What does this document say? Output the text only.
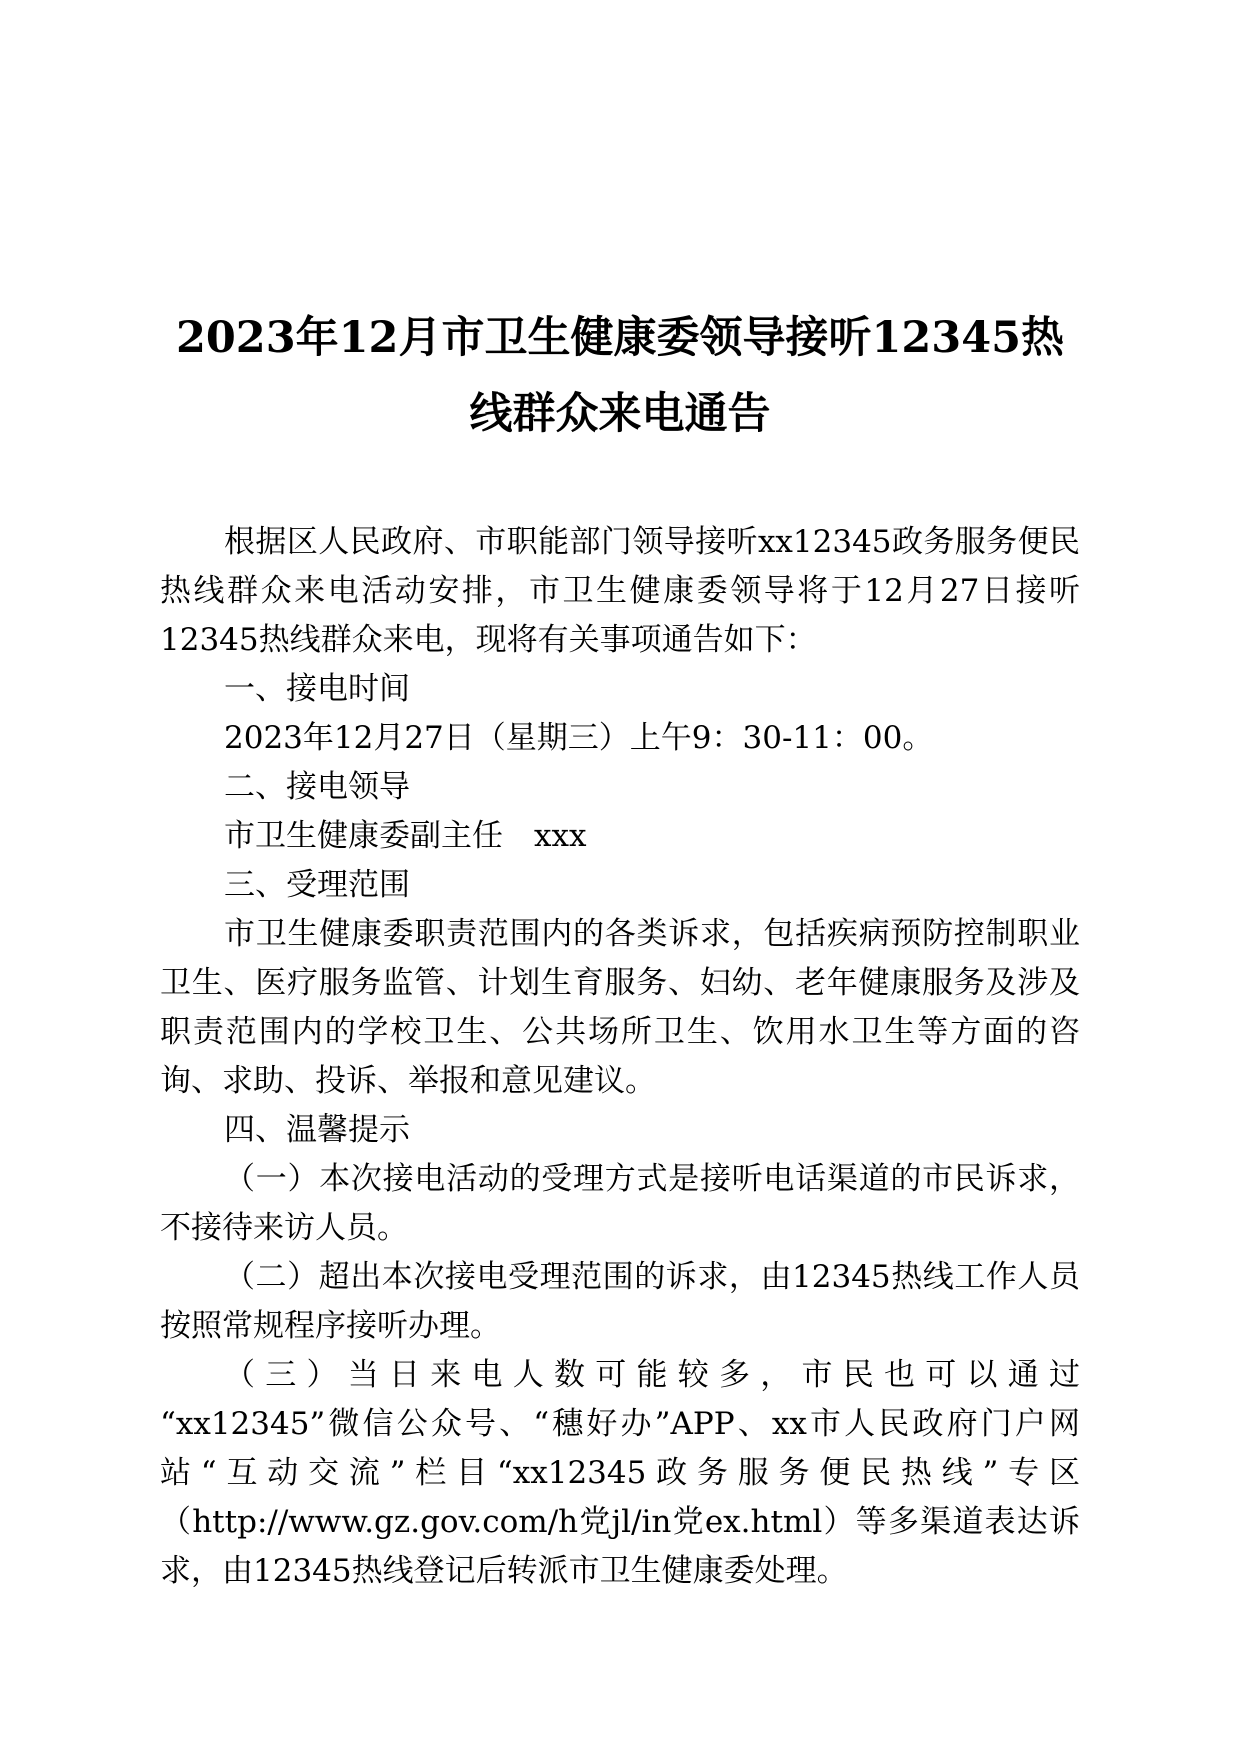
2023年12月市卫生健康委领导接听12345热
线群众来电通告

根据区人民政府、市职能部门领导接听xx12345政务服务便民热线群众来电活动安排，市卫生健康委领导将于12月27日接听12345热线群众来电，现将有关事项通告如下：

一、接电时间

2023年12月27日（星期三）上午9：30-11：00。

二、接电领导

市卫生健康委副主任　xxx

三、受理范围

市卫生健康委职责范围内的各类诉求，包括疾病预防控制职业卫生、医疗服务监管、计划生育服务、妇幼、老年健康服务及涉及职责范围内的学校卫生、公共场所卫生、饮用水卫生等方面的咨询、求助、投诉、举报和意见建议。

四、温馨提示

（一）本次接电活动的受理方式是接听电话渠道的市民诉求，不接待来访人员。

（二）超出本次接电受理范围的诉求，由12345热线工作人员按照常规程序接听办理。

（三）当日来电人数可能较多，市民也可以通过

“xx12345”微信公众号、“穗好办”APP、xx市人民政府门户网站“互动交流”栏目“xx12345政务服务便民热线”专区（http://www.gz.gov.com/h党jl/in党ex.html）等多渠道表达诉求，由12345热线登记后转派市卫生健康委处理。
